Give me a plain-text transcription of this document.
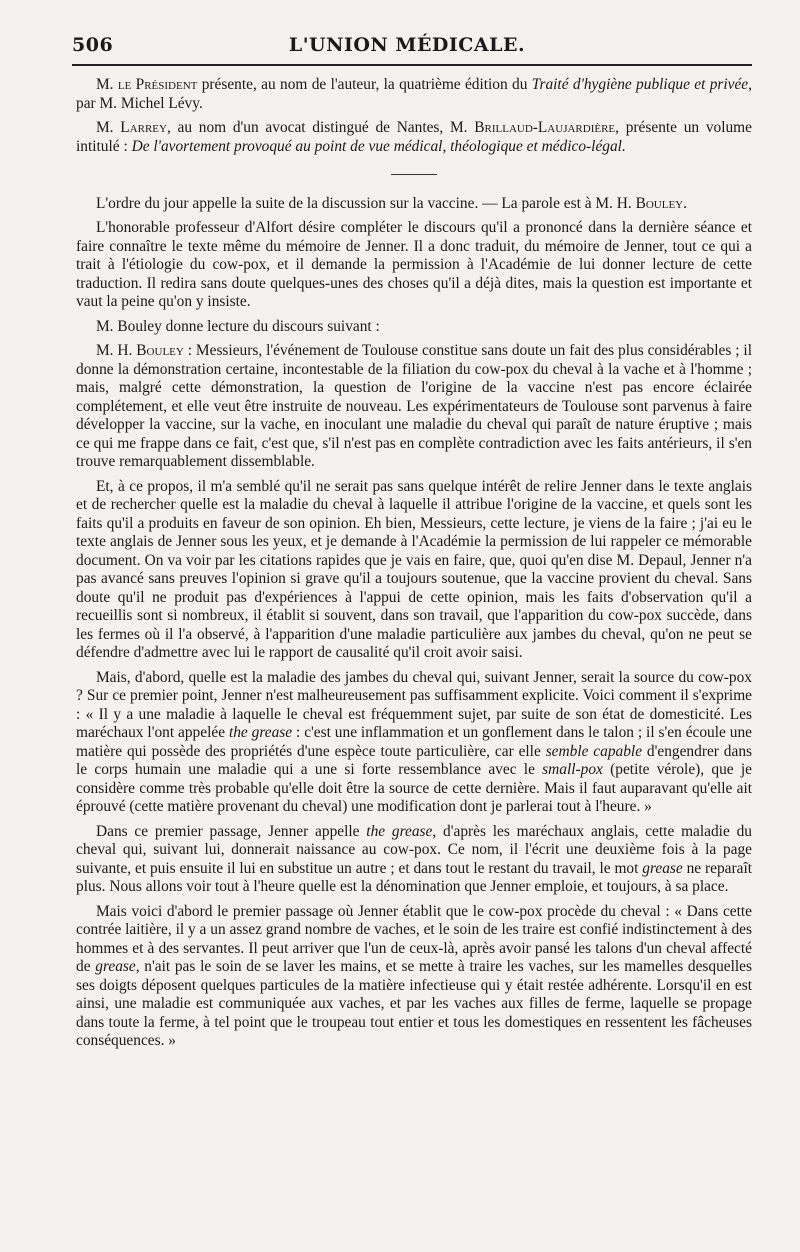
506	L'UNION MÉDICALE.

M. le Président présente, au nom de l'auteur, la quatrième édition du Traité d'hygiène publique et privée, par M. Michel Lévy.

M. Larrey, au nom d'un avocat distingué de Nantes, M. Brillaud-Laujardière, présente un volume intitulé : De l'avortement provoqué au point de vue médical, théologique et médico-légal.

L'ordre du jour appelle la suite de la discussion sur la vaccine. — La parole est à M. H. Bouley.

L'honorable professeur d'Alfort désire compléter le discours qu'il a prononcé dans la dernière séance et faire connaître le texte même du mémoire de Jenner. Il a donc traduit, du mémoire de Jenner, tout ce qui a trait à l'étiologie du cow-pox, et il demande la permission à l'Académie de lui donner lecture de cette traduction. Il redira sans doute quelques-unes des choses qu'il a déjà dites, mais la question est importante et vaut la peine qu'on y insiste.

M. Bouley donne lecture du discours suivant :

M. H. Bouley : Messieurs, l'événement de Toulouse constitue sans doute un fait des plus considérables ; il donne la démonstration certaine, incontestable de la filiation du cow-pox du cheval à la vache et à l'homme ; mais, malgré cette démonstration, la question de l'origine de la vaccine n'est pas encore éclairée complétement, et elle veut être instruite de nouveau. Les expérimentateurs de Toulouse sont parvenus à faire développer la vaccine, sur la vache, en inoculant une maladie du cheval qui paraît de nature éruptive ; mais ce qui me frappe dans ce fait, c'est que, s'il n'est pas en complète contradiction avec les faits antérieurs, il s'en trouve remarquablement dissemblable.

Et, à ce propos, il m'a semblé qu'il ne serait pas sans quelque intérêt de relire Jenner dans le texte anglais et de rechercher quelle est la maladie du cheval à laquelle il attribue l'origine de la vaccine, et quels sont les faits qu'il a produits en faveur de son opinion. Eh bien, Messieurs, cette lecture, je viens de la faire ; j'ai eu le texte anglais de Jenner sous les yeux, et je demande à l'Académie la permission de lui rappeler ce mémorable document. On va voir par les citations rapides que je vais en faire, que, quoi qu'en dise M. Depaul, Jenner n'a pas avancé sans preuves l'opinion si grave qu'il a toujours soutenue, que la vaccine provient du cheval. Sans doute qu'il ne produit pas d'expériences à l'appui de cette opinion, mais les faits d'observation qu'il a recueillis sont si nombreux, il établit si souvent, dans son travail, que l'apparition du cow-pox succède, dans les fermes où il l'a observé, à l'apparition d'une maladie particulière aux jambes du cheval, qu'on ne peut se défendre d'admettre avec lui le rapport de causalité qu'il croit avoir saisi.

Mais, d'abord, quelle est la maladie des jambes du cheval qui, suivant Jenner, serait la source du cow-pox ? Sur ce premier point, Jenner n'est malheureusement pas suffisamment explicite. Voici comment il s'exprime : « Il y a une maladie à laquelle le cheval est fréquemment sujet, par suite de son état de domesticité. Les maréchaux l'ont appelée the grease : c'est une inflammation et un gonflement dans le talon ; il s'en écoule une matière qui possède des propriétés d'une espèce toute particulière, car elle semble capable d'engendrer dans le corps humain une maladie qui a une si forte ressemblance avec le small-pox (petite vérole), que je considère comme très probable qu'elle doit être la source de cette dernière. Mais il faut auparavant qu'elle ait éprouvé (cette matière provenant du cheval) une modification dont je parlerai tout à l'heure. »

Dans ce premier passage, Jenner appelle the grease, d'après les maréchaux anglais, cette maladie du cheval qui, suivant lui, donnerait naissance au cow-pox. Ce nom, il l'écrit une deuxième fois à la page suivante, et puis ensuite il lui en substitue un autre ; et dans tout le restant du travail, le mot grease ne reparaît plus. Nous allons voir tout à l'heure quelle est la dénomination que Jenner emploie, et toujours, à sa place.

Mais voici d'abord le premier passage où Jenner établit que le cow-pox procède du cheval : « Dans cette contrée laitière, il y a un assez grand nombre de vaches, et le soin de les traire est confié indistinctement à des hommes et à des servantes. Il peut arriver que l'un de ceux-là, après avoir pansé les talons d'un cheval affecté de grease, n'ait pas le soin de se laver les mains, et se mette à traire les vaches, sur les mamelles desquelles ses doigts déposent quelques particules de la matière infectieuse qui y était restée adhérente. Lorsqu'il en est ainsi, une maladie est communiquée aux vaches, et par les vaches aux filles de ferme, laquelle se propage dans toute la ferme, à tel point que le troupeau tout entier et tous les domestiques en ressentent les fâcheuses conséquences. »
